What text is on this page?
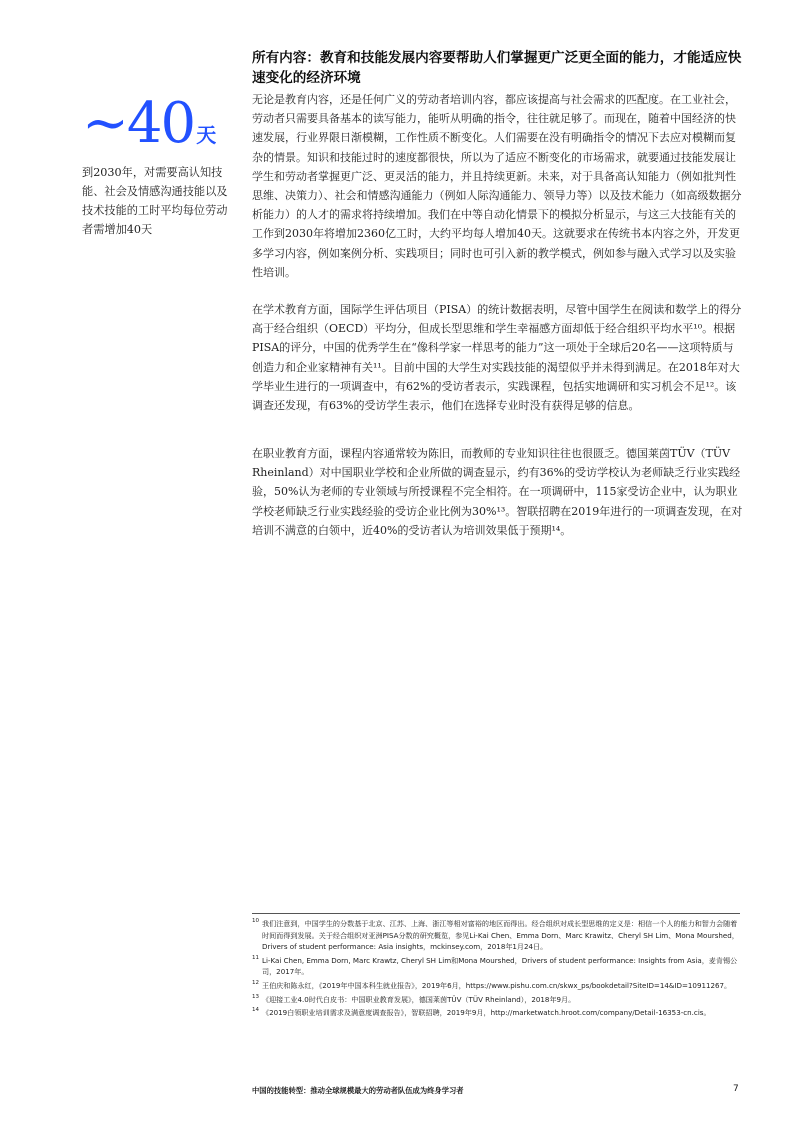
所有内容：教育和技能发展内容要帮助人们掌握更广泛更全面的能力，才能适应快速变化的经济环境
~40 天
到2030年，对需要高认知技能、社会及情感沟通技能以及技术技能的工时平均每位劳动者需增加40天

无论是教育内容，还是任何广义的劳动者培训内容，都应该提高与社会需求的匹配度。在工业社会，劳动者只需要具备基本的读写能力，能听从明确的指令，往往就足够了。而现在，随着中国经济的快速发展，行业界限日渐模糊，工作性质不断变化。人们需要在没有明确指令的情况下去应对模糊而复杂的情景。知识和技能过时的速度都很快，所以为了适应不断变化的市场需求，就要通过技能发展让学生和劳动者掌握更广泛、更灵活的能力，并且持续更新。未来，对于具备高认知能力（例如批判性思维、决策力）、社会和情感沟通能力（例如人际沟通能力、领导力等）以及技术能力（如高级数据分析能力）的人才的需求将持续增加。我们在中等自动化情景下的模拟分析显示，与这三大技能有关的工作到2030年将增加2360亿工时，大约平均每人增加40天。这就要求在传统书本内容之外，开发更多学习内容，例如案例分析、实践项目；同时也可引入新的教学模式，例如参与融入式学习以及实验性培训。

在学术教育方面，国际学生评估项目（PISA）的统计数据表明，尽管中国学生在阅读和数学上的得分高于经合组织（OECD）平均分，但成长型思维和学生幸福感方面却低于经合组织平均水平¹⁰。根据PISA的评分，中国的优秀学生在“像科学家一样思考的能力”这一项处于全球后20名——这项特质与创造力和企业家精神有关¹¹。目前中国的大学生对实践技能的渴望似乎并未得到满足。在2018年对大学毕业生进行的一项调查中，有62%的受访者表示，实践课程，包括实地调研和实习机会不足¹²。该调查还发现，有63%的受访学生表示，他们在选择专业时没有获得足够的信息。

在职业教育方面，课程内容通常较为陈旧，而教师的专业知识往往也很匮乏。德国莱茵TÜV（TÜV Rheinland）对中国职业学校和企业所做的调查显示，约有36%的受访学校认为老师缺乏行业实践经验，50%认为老师的专业领域与所授课程不完全相符。在一项调研中，115家受访企业中，认为职业学校老师缺乏行业实践经验的受访企业比例为30%¹³。智联招聘在2019年进行的一项调查发现，在对培训不满意的白领中，近40%的受访者认为培训效果低于预期¹⁴。

10 我们注意到，中国学生的分数基于北京、江苏、上海、浙江等相对富裕的地区而得出。经合组织对成长型思维的定义是：相信一个人的能力和智力会随着时间而得到发展。关于经合组织对亚洲PISA分数的研究概览，参见Li-Kai Chen、Emma Dorn、Marc Krawitz、Cheryl SH Lim、Mona Mourshed，Drivers of student performance: Asia insights，mckinsey.com，2018年1月24日。
11 Li-Kai Chen, Emma Dorn, Marc Krawtz, Cheryl SH Lim和Mona Mourshed，Drivers of student performance: Insights from Asia，麦肯锡公司，2017年。
12 王伯庆和陈永红，《2019年中国本科生就业报告》，2019年6月，https://www.pishu.com.cn/skwx_ps/bookdetail?SiteID=14&ID=10911267。
13 《迎接工业4.0时代白皮书：中国职业教育发展》，德国莱茵TÜV（TÜV Rheinland），2018年9月。
14 《2019白领职业培训需求及满意度调查报告》，智联招聘，2019年9月，http://marketwatch.hroot.com/company/Detail-16353-cn.cis。
中国的技能转型：推动全球规模最大的劳动者队伍成为终身学习者	7
